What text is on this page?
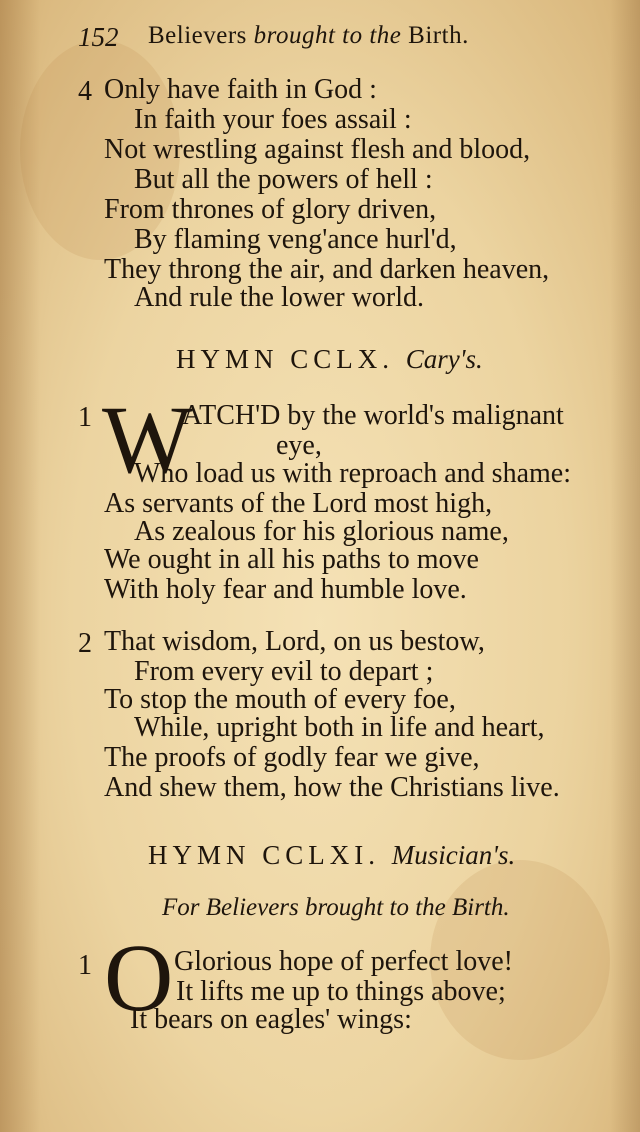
152 Believers brought to the Birth.
4 Only have faith in God :
In faith your foes assail :
Not wrestling against flesh and blood,
But all the powers of hell :
From thrones of glory driven,
By flaming veng'ance hurl'd,
They throng the air, and darken heaven,
And rule the lower world.
HYMN CCLX. Cary's.
1 W
ATCH'D by the world's malignant
eye,
Who load us with reproach and shame:
As servants of the Lord most high,
As zealous for his glorious name,
We ought in all his paths to move
With holy fear and humble love.
2 That wisdom, Lord, on us bestow,
From every evil to depart ;
To stop the mouth of every foe,
While, upright both in life and heart,
The proofs of godly fear we give,
And shew them, how the Christians live.
HYMN CCLXI. Musician's.
For Believers brought to the Birth.
1 O Glorious hope of perfect love!
It lifts me up to things above;
It bears on eagles' wings:
